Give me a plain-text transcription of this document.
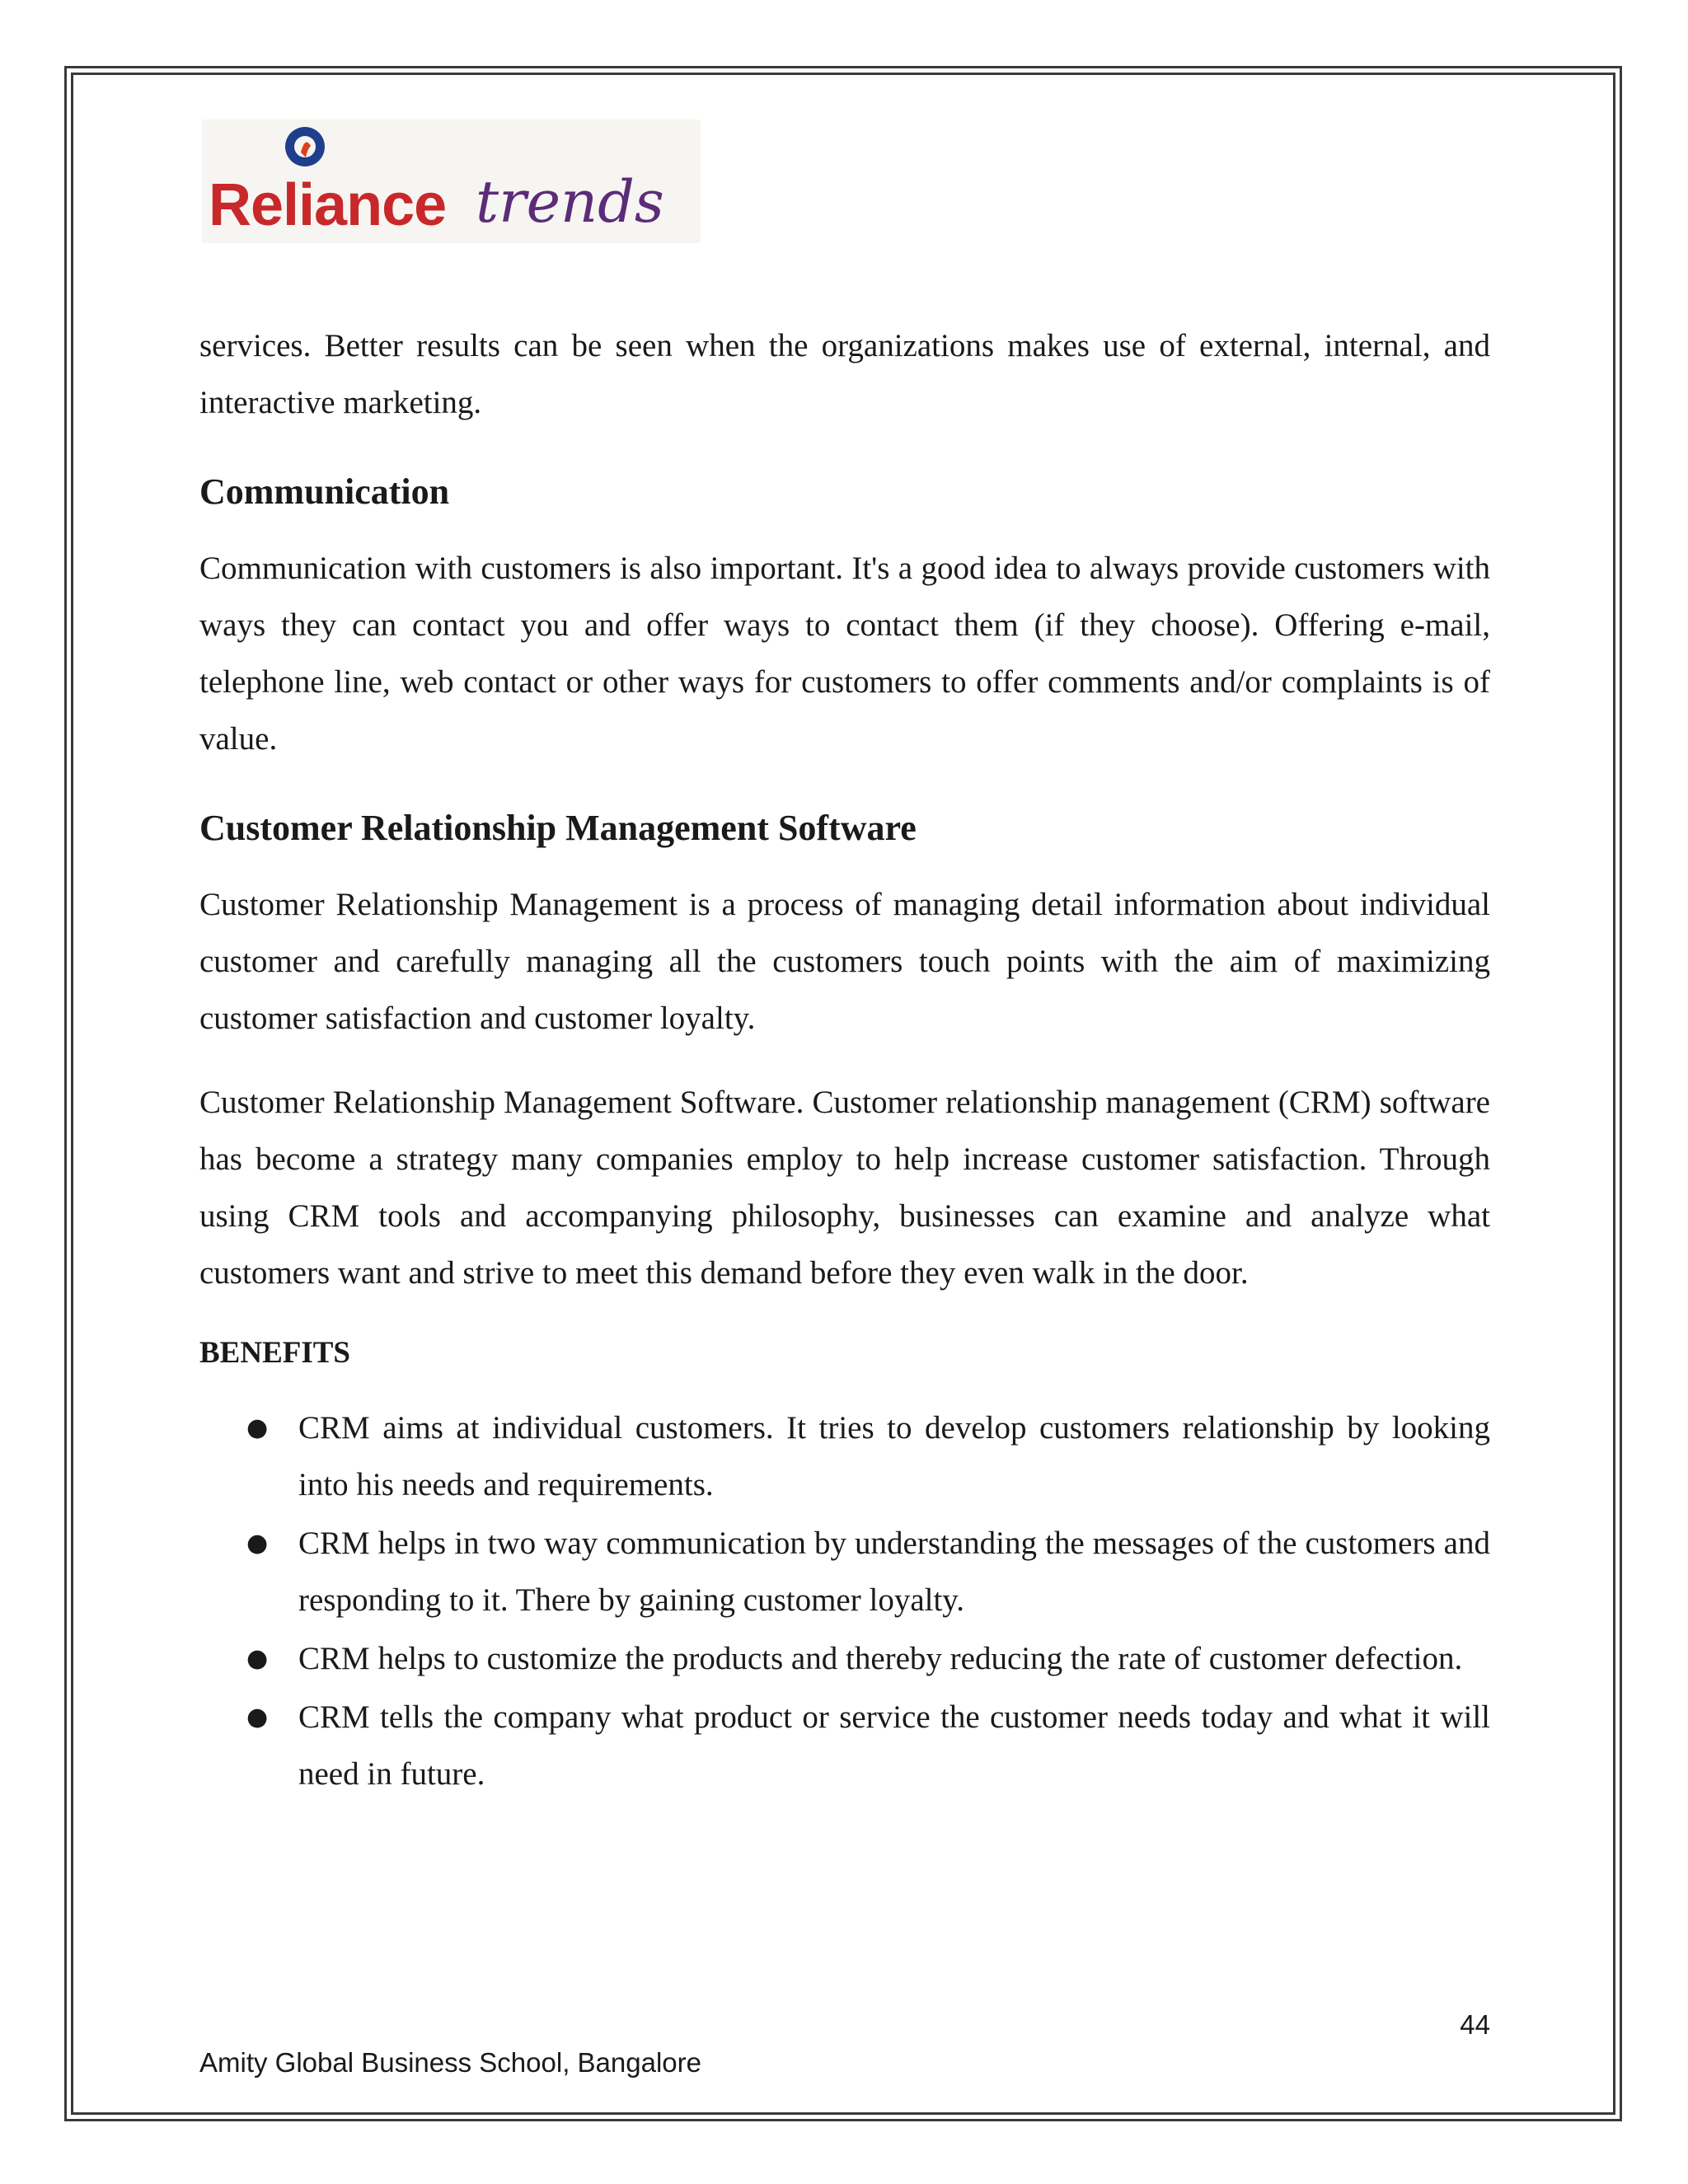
Reliance trends

services. Better results can be seen when the organizations makes use of external, internal, and interactive marketing.

Communication

Communication with customers is also important. It's a good idea to always provide customers with ways they can contact you and offer ways to contact them (if they choose). Offering e-mail, telephone line, web contact or other ways for customers to offer comments and/or complaints is of value.

Customer Relationship Management Software

Customer Relationship Management is a process of managing detail information about individual customer and carefully managing all the customers touch points with the aim of maximizing customer satisfaction and customer loyalty.

Customer Relationship Management Software. Customer relationship management (CRM) software has become a strategy many companies employ to help increase customer satisfaction. Through using CRM tools and accompanying philosophy, businesses can examine and analyze what customers want and strive to meet this demand before they even walk in the door.

BENEFITS
● CRM aims at individual customers. It tries to develop customers relationship by looking into his needs and requirements.
● CRM helps in two way communication by understanding the messages of the customers and responding to it. There by gaining customer loyalty.
● CRM helps to customize the products and thereby reducing the rate of customer defection.
● CRM tells the company what product or service the customer needs today and what it will need in future.
44
Amity Global Business School, Bangalore
